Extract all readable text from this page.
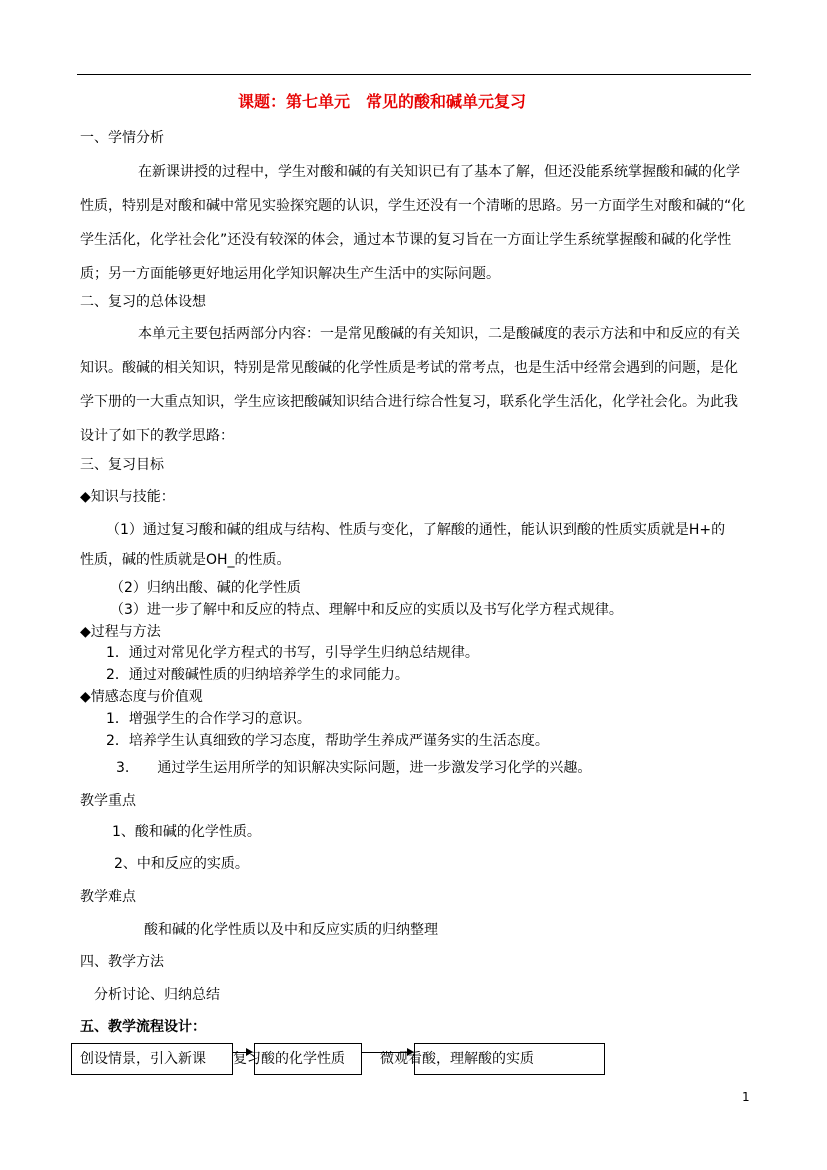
课题：第七单元　常见的酸和碱单元复习
一、学情分析
在新课讲授的过程中，学生对酸和碱的有关知识已有了基本了解，但还没能系统掌握酸和碱的化学性质，特别是对酸和碱中常见实验探究题的认识，学生还没有一个清晰的思路。另一方面学生对酸和碱的“化学生活化，化学社会化”还没有较深的体会，通过本节课的复习旨在一方面让学生系统掌握酸和碱的化学性质；另一方面能够更好地运用化学知识解决生产生活中的实际问题。
二、复习的总体设想
本单元主要包括两部分内容：一是常见酸碱的有关知识，二是酸碱度的表示方法和中和反应的有关知识。酸碱的相关知识，特别是常见酸碱的化学性质是考试的常考点，也是生活中经常会遇到的问题，是化学下册的一大重点知识，学生应该把酸碱知识结合进行综合性复习，联系化学生活化，化学社会化。为此我设计了如下的教学思路：
三、复习目标
◆知识与技能：
（1）通过复习酸和碱的组成与结构、性质与变化，了解酸的通性，能认识到酸的性质实质就是H+的
性质，碱的性质就是OH_的性质。
（2）归纳出酸、碱的化学性质
（3）进一步了解中和反应的特点、理解中和反应的实质以及书写化学方程式规律。
◆过程与方法
1．通过对常见化学方程式的书写，引导学生归纳总结规律。
2．通过对酸碱性质的归纳培养学生的求同能力。
◆情感态度与价值观
1．增强学生的合作学习的意识。
2．培养学生认真细致的学习态度，帮助学生养成严谨务实的生活态度。
3.　　通过学生运用所学的知识解决实际问题，进一步激发学习化学的兴趣。
教学重点
1、酸和碱的化学性质。
2、中和反应的实质。
教学难点
酸和碱的化学性质以及中和反应实质的归纳整理
四、教学方法
分析讨论、归纳总结
五、教学流程设计：
创设情景，引入新课 复习酸的化学性质	微观看酸，理解酸的实质
1
